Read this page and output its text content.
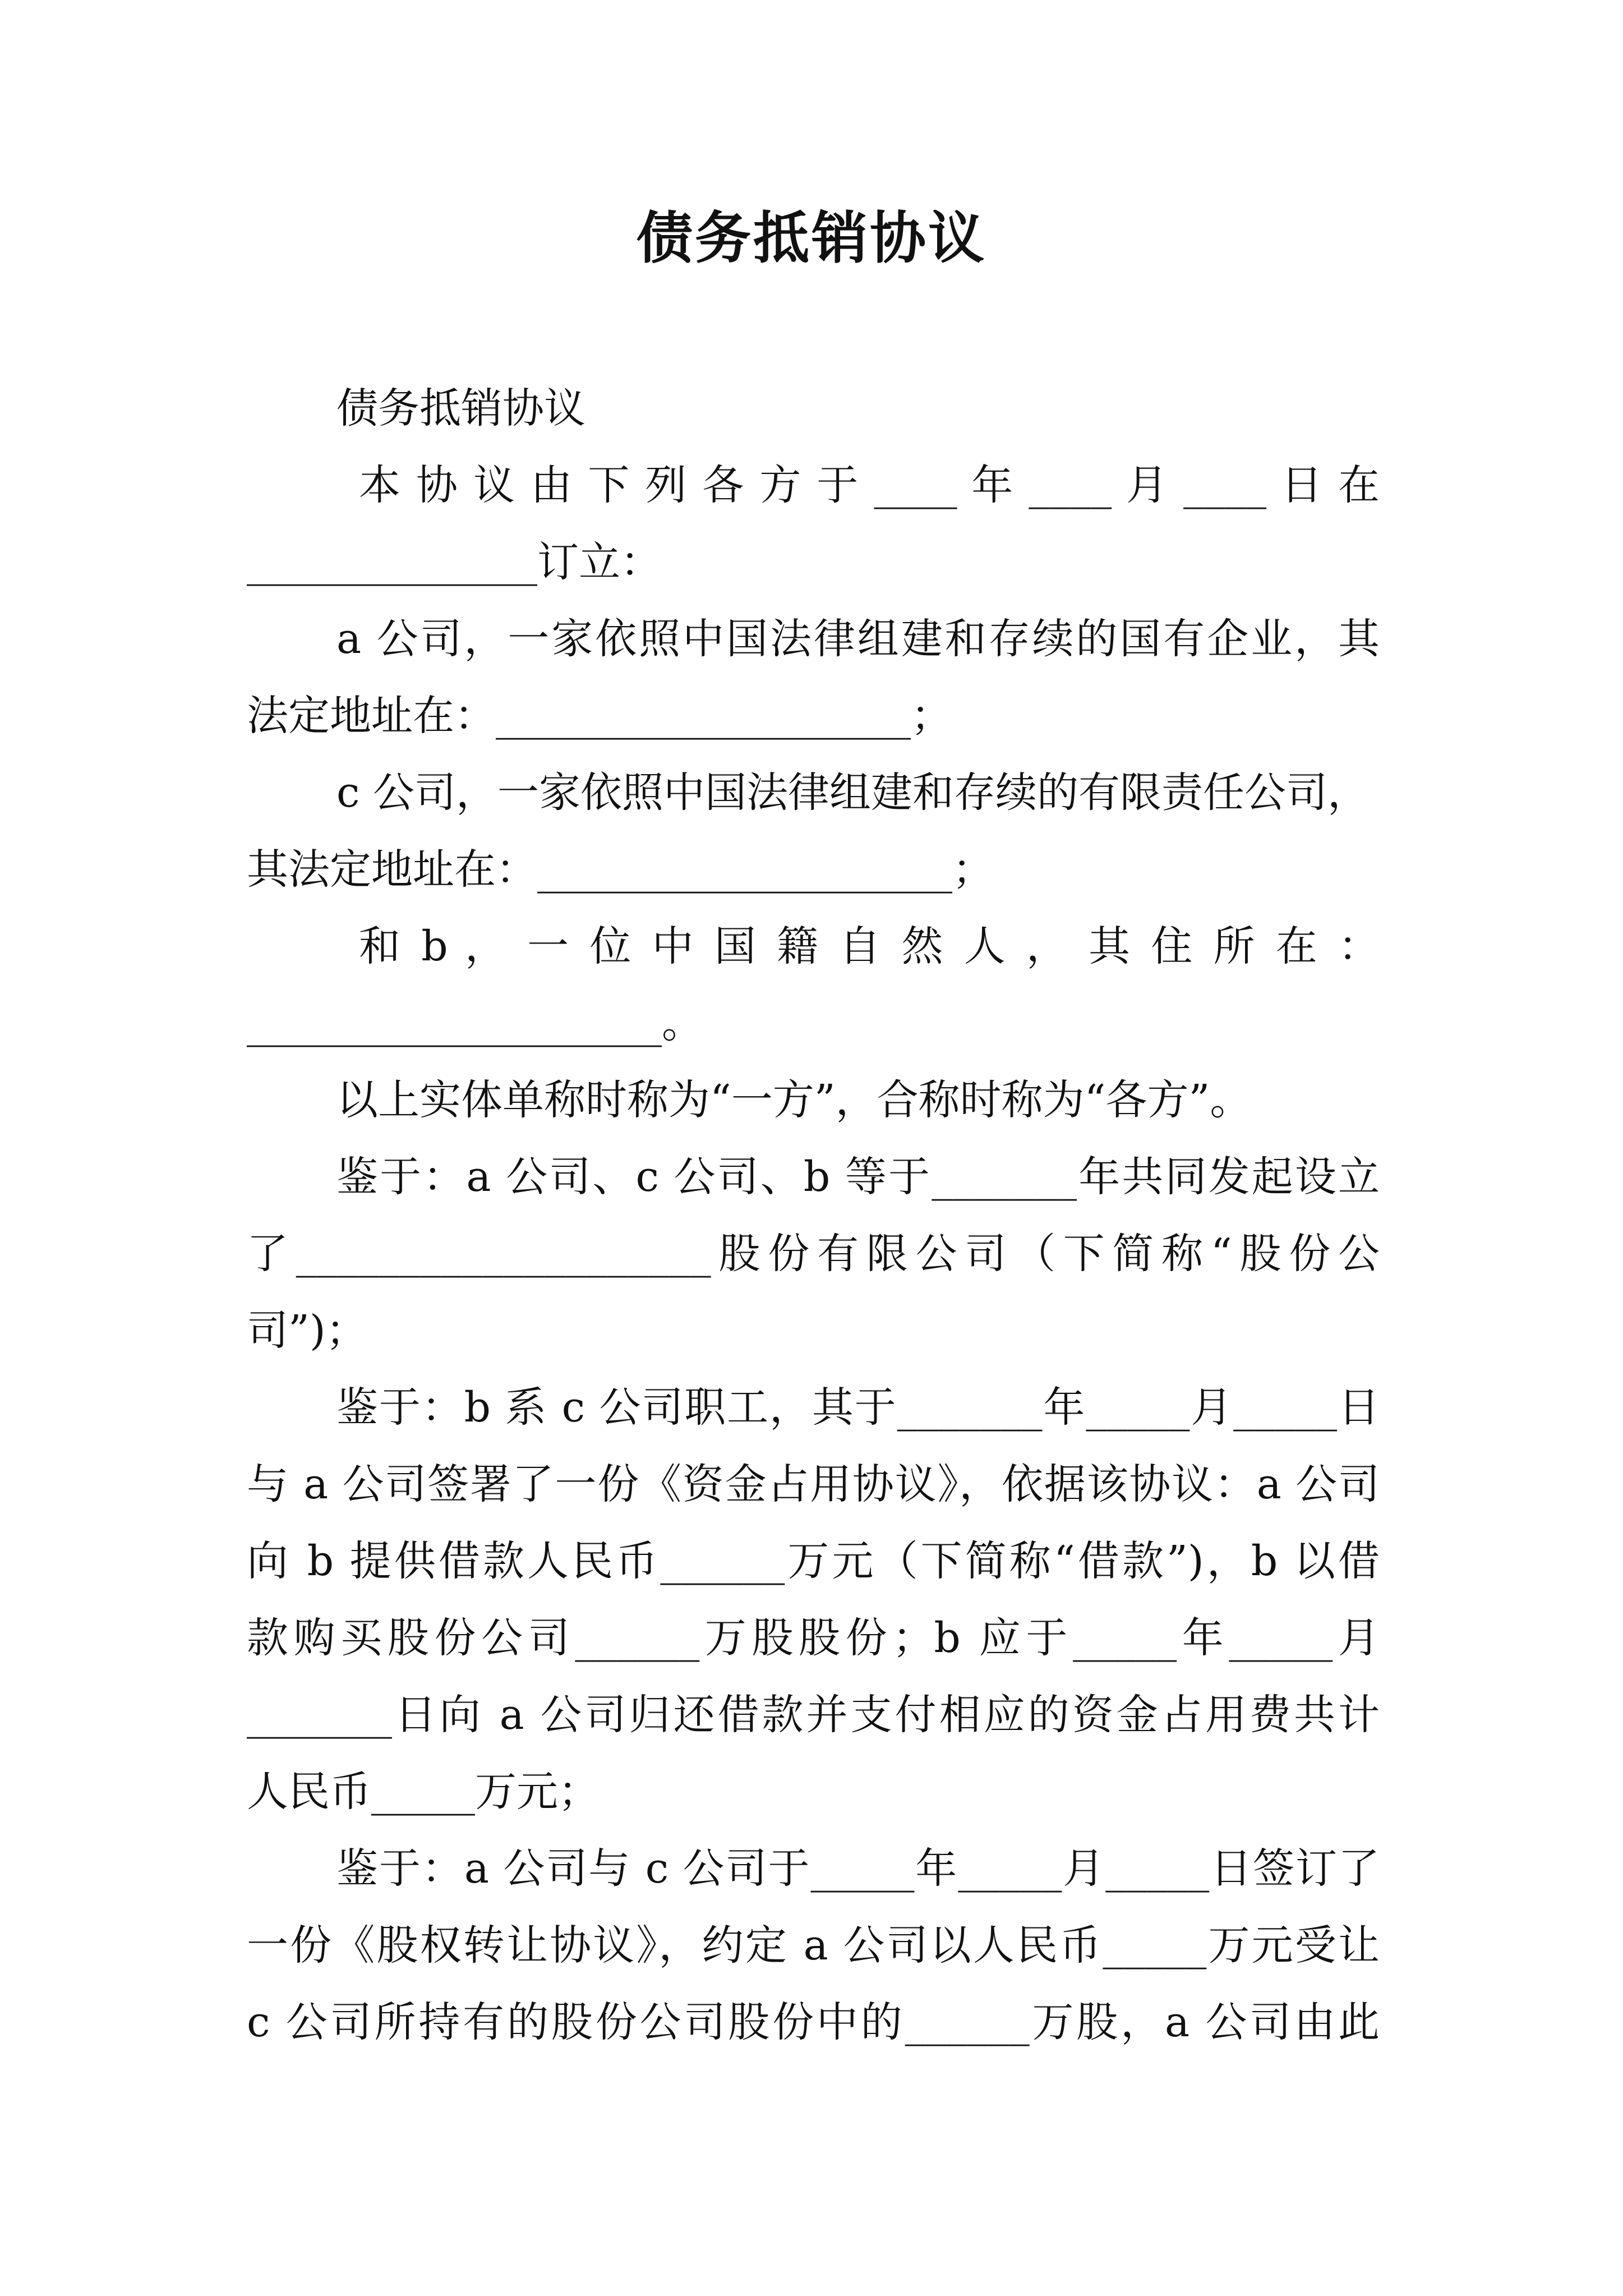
债务抵销协议
债务抵销协议
本 协 议 由 下 列 各 方 于 ____ 年 ____ 月 ____ 日 在
______________订立：
a 公司，一家依照中国法律组建和存续的国有企业，其
法定地址在：____________________；
c 公司，一家依照中国法律组建和存续的有限责任公司，
其法定地址在：____________________；
和 b ， 一 位 中 国 籍 自 然 人 ， 其 住 所 在 ：
____________________。
以上实体单称时称为“一方”，合称时称为“各方”。
鉴于：a 公司、c 公司、b 等于_______年共同发起设立
了____________________股份有限公司（下简称“股份公
司”)；
鉴于：b 系 c 公司职工，其于_______年_____月_____日
与 a 公司签署了一份《资金占用协议》，依据该协议：a 公司
向 b 提供借款人民币______万元（下简称“借款”)，b 以借
款购买股份公司______万股股份；b 应于_____年_____月
_______日向 a 公司归还借款并支付相应的资金占用费共计
人民币_____万元；
鉴于：a 公司与 c 公司于_____年_____月_____日签订了
一份《股权转让协议》，约定 a 公司以人民币_____万元受让
c 公司所持有的股份公司股份中的______万股，a 公司由此
